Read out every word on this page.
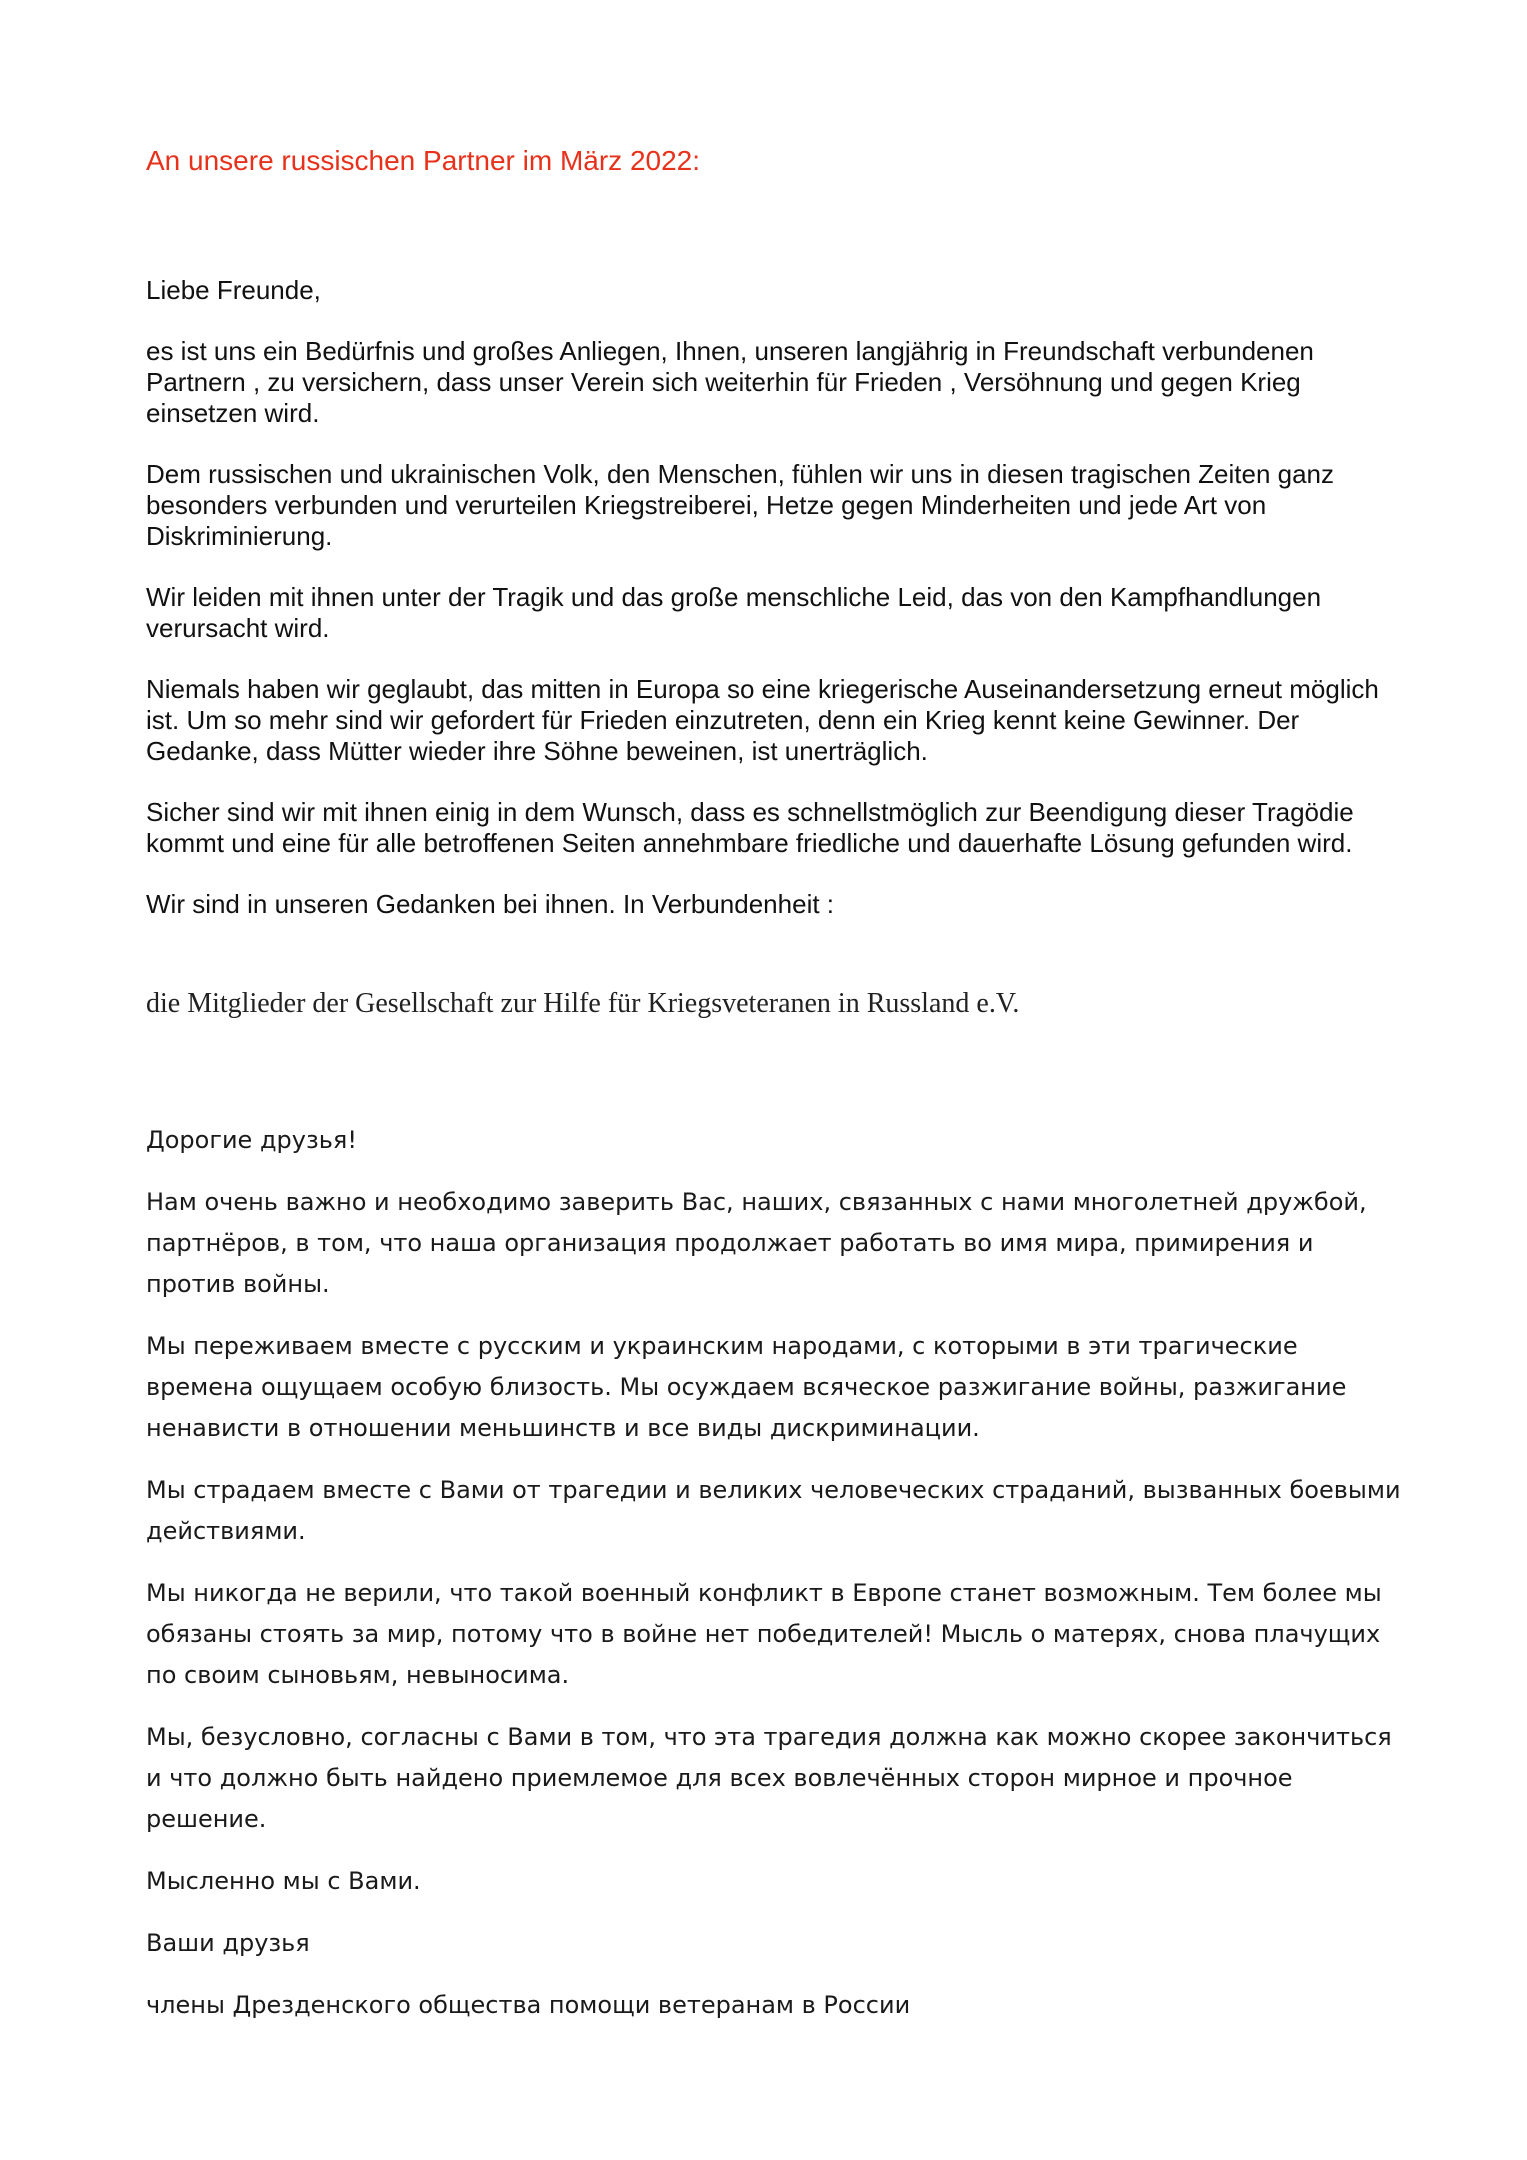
An unsere russischen Partner im März 2022:

Liebe Freunde,

es ist uns ein Bedürfnis und großes Anliegen, Ihnen, unseren langjährig in Freundschaft verbundenen Partnern , zu versichern, dass unser Verein sich weiterhin für Frieden , Versöhnung und gegen Krieg einsetzen wird.

Dem russischen und ukrainischen Volk, den Menschen, fühlen wir uns in diesen tragischen Zeiten ganz besonders verbunden und verurteilen Kriegstreiberei, Hetze gegen Minderheiten und jede Art von Diskriminierung.

Wir leiden mit ihnen unter der Tragik und das große menschliche Leid, das von den Kampfhandlungen verursacht wird.

Niemals haben wir geglaubt, das mitten in Europa so eine kriegerische Auseinandersetzung erneut möglich ist. Um so mehr sind wir gefordert für Frieden einzutreten, denn ein Krieg kennt keine Gewinner. Der Gedanke, dass Mütter wieder ihre Söhne beweinen, ist unerträglich.

Sicher sind wir mit ihnen einig in dem Wunsch, dass es schnellstmöglich zur Beendigung dieser Tragödie kommt und eine für alle betroffenen Seiten annehmbare friedliche und dauerhafte Lösung gefunden wird.

Wir sind in unseren Gedanken bei ihnen. In Verbundenheit :

die Mitglieder der Gesellschaft zur Hilfe für Kriegsveteranen in Russland e.V.

Дорогие друзья!

Нам очень важно и необходимо заверить Вас, наших, связанных с нами многолетней дружбой, партнёров, в том, что наша организация продолжает работать во имя мира, примирения и против войны.

Мы переживаем вместе с русским и украинским народами, с которыми в эти трагические времена ощущаем особую близость. Мы осуждаем всяческое разжигание войны, разжигание ненависти в отношении меньшинств и все виды дискриминации.

Мы страдаем вместе с Вами от трагедии и великих человеческих страданий, вызванных боевыми действиями.

Мы никогда не верили, что такой военный конфликт в Европе станет возможным. Тем более мы обязаны стоять за мир, потому что в войне нет победителей! Мысль о матерях, снова плачущих по своим сыновьям, невыносима.

Мы, безусловно, согласны с Вами в том, что эта трагедия должна как можно скорее закончиться и что должно быть найдено приемлемое для всех вовлечённых сторон мирное и прочное решение.

Мысленно мы с Вами.

Ваши друзья

члены Дрезденского общества помощи ветеранам в России
